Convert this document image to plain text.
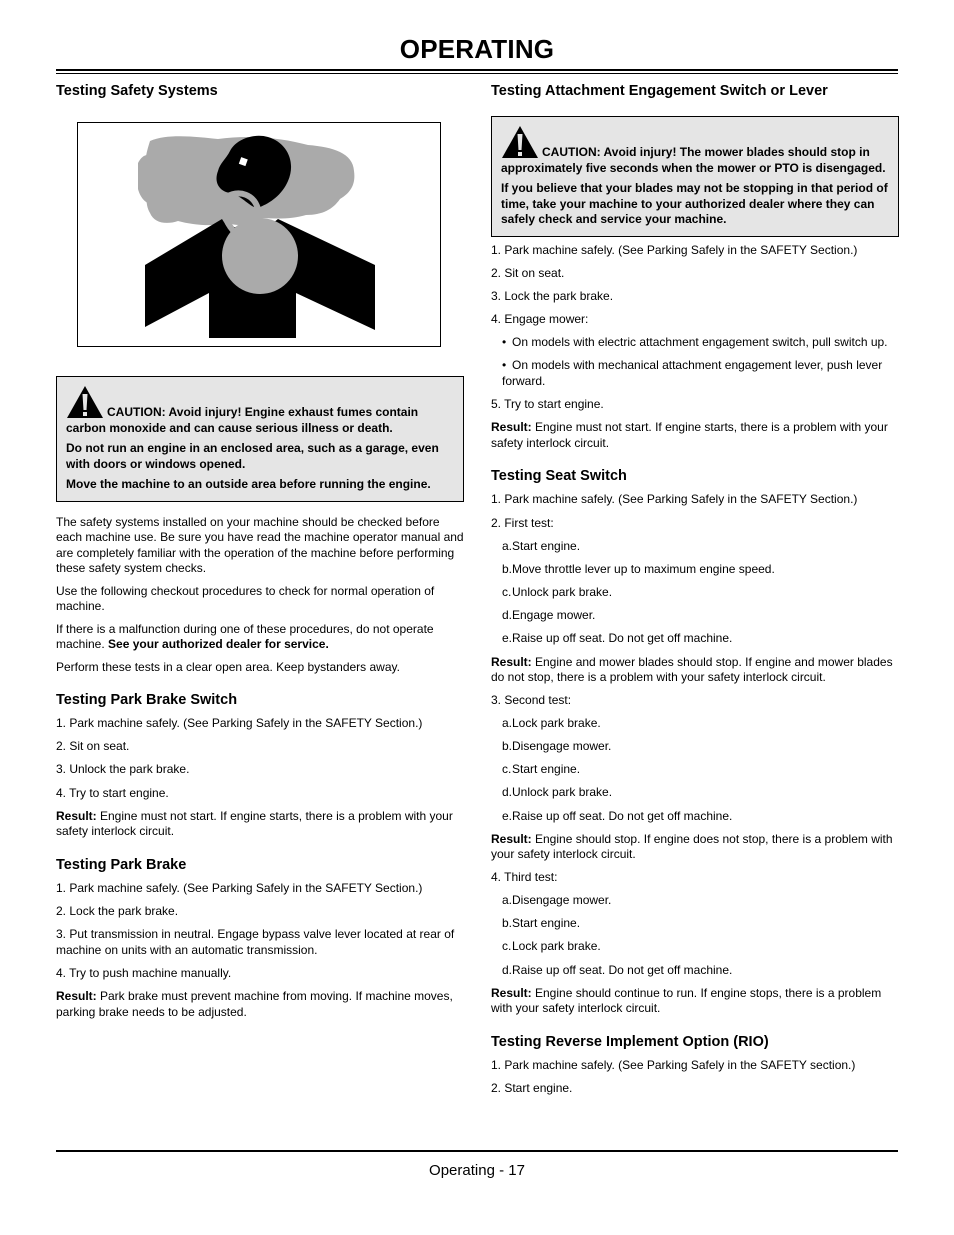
OPERATING
Testing Safety Systems

CAUTION: Avoid injury! Engine exhaust fumes contain carbon monoxide and can cause serious illness or death.

Do not run an engine in an enclosed area, such as a garage, even with doors or windows opened.

Move the machine to an outside area before running the engine.

The safety systems installed on your machine should be checked before each machine use. Be sure you have read the machine operator manual and are completely familiar with the operation of the machine before performing these safety system checks.

Use the following checkout procedures to check for normal operation of machine.

If there is a malfunction during one of these procedures, do not operate machine. See your authorized dealer for service.

Perform these tests in a clear open area. Keep bystanders away.

Testing Park Brake Switch
1. Park machine safely. (See Parking Safely in the SAFETY Section.)
2. Sit on seat.
3. Unlock the park brake.
4. Try to start engine.

Result: Engine must not start. If engine starts, there is a problem with your safety interlock circuit.

Testing Park Brake
1. Park machine safely. (See Parking Safely in the SAFETY Section.)
2. Lock the park brake.
3. Put transmission in neutral. Engage bypass valve lever located at rear of machine on units with an automatic transmission.
4. Try to push machine manually.

Result: Park brake must prevent machine from moving. If machine moves, parking brake needs to be adjusted.

Testing Attachment Engagement Switch or Lever

CAUTION: Avoid injury! The mower blades should stop in approximately five seconds when the mower or PTO is disengaged.

If you believe that your blades may not be stopping in that period of time, take your machine to your authorized dealer where they can safely check and service your machine.

1. Park machine safely. (See Parking Safely in the SAFETY Section.)
2. Sit on seat.
3. Lock the park brake.
4. Engage mower:
• On models with electric attachment engagement switch, pull switch up.
• On models with mechanical attachment engagement lever, push lever forward.
5. Try to start engine.

Result: Engine must not start. If engine starts, there is a problem with your safety interlock circuit.

Testing Seat Switch
1. Park machine safely. (See Parking Safely in the SAFETY Section.)
2. First test:
a.Start engine.
b.Move throttle lever up to maximum engine speed.
c.Unlock park brake.
d.Engage mower.
e.Raise up off seat. Do not get off machine.

Result: Engine and mower blades should stop. If engine and mower blades do not stop, there is a problem with your safety interlock circuit.

3. Second test:
a.Lock park brake.
b.Disengage mower.
c.Start engine.
d.Unlock park brake.
e.Raise up off seat. Do not get off machine.

Result: Engine should stop. If engine does not stop, there is a problem with your safety interlock circuit.

4. Third test:
a.Disengage mower.
b.Start engine.
c.Lock park brake.
d.Raise up off seat. Do not get off machine.

Result: Engine should continue to run. If engine stops, there is a problem with your safety interlock circuit.

Testing Reverse Implement Option (RIO)
1. Park machine safely. (See Parking Safely in the SAFETY section.)
2. Start engine.
Operating - 17
